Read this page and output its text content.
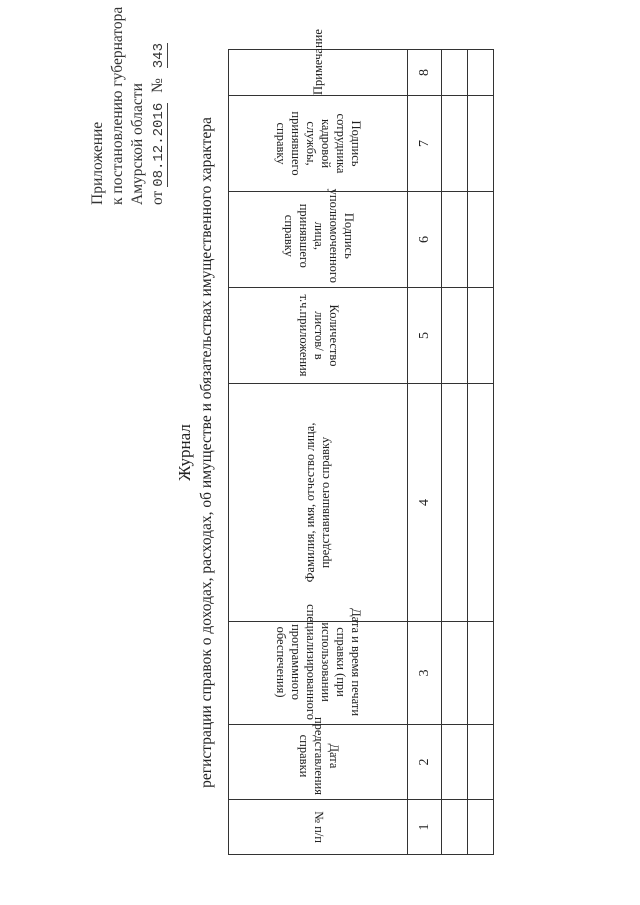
Приложение к постановлению губернатора Амурской области от 08.12.2016 № 343
Журнал регистрации справок о доходах, расходах, об имуществе и обязательствах имущественного характера
№ п/п	Дата представления справки	Дата и время печати справки (при использовании специализированного программного обеспечения)	Фамилия, имя, отчество лица, представившего справку	Количество листов/ в т.ч.приложения	Подпись уполномоченного лица, принявшего справку	Подпись сотрудника кадровой службы, принявшего справку	Примечание
1	2	3	4	5	6	7	8
